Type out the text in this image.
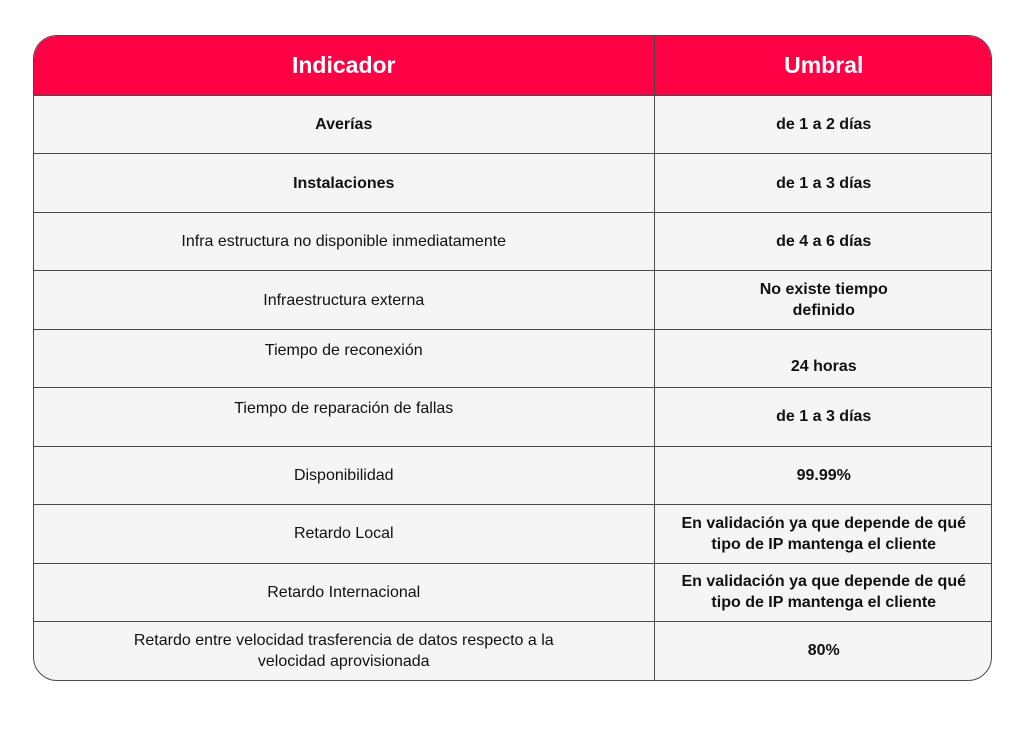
Indicador	Umbral
Averías	de 1 a 2 días
Instalaciones	de 1 a 3 días
Infra estructura no disponible inmediatamente	de 4 a 6 días
Infraestructura externa	No existe tiempo definido
Tiempo de reconexión	24 horas
Tiempo de reparación de fallas	de 1 a 3 días
Disponibilidad	99.99%
Retardo Local	En validación ya que depende de qué tipo de IP mantenga el cliente
Retardo Internacional	En validación ya que depende de qué tipo de IP mantenga el cliente
Retardo entre velocidad trasferencia de datos respecto a la velocidad aprovisionada	80%
